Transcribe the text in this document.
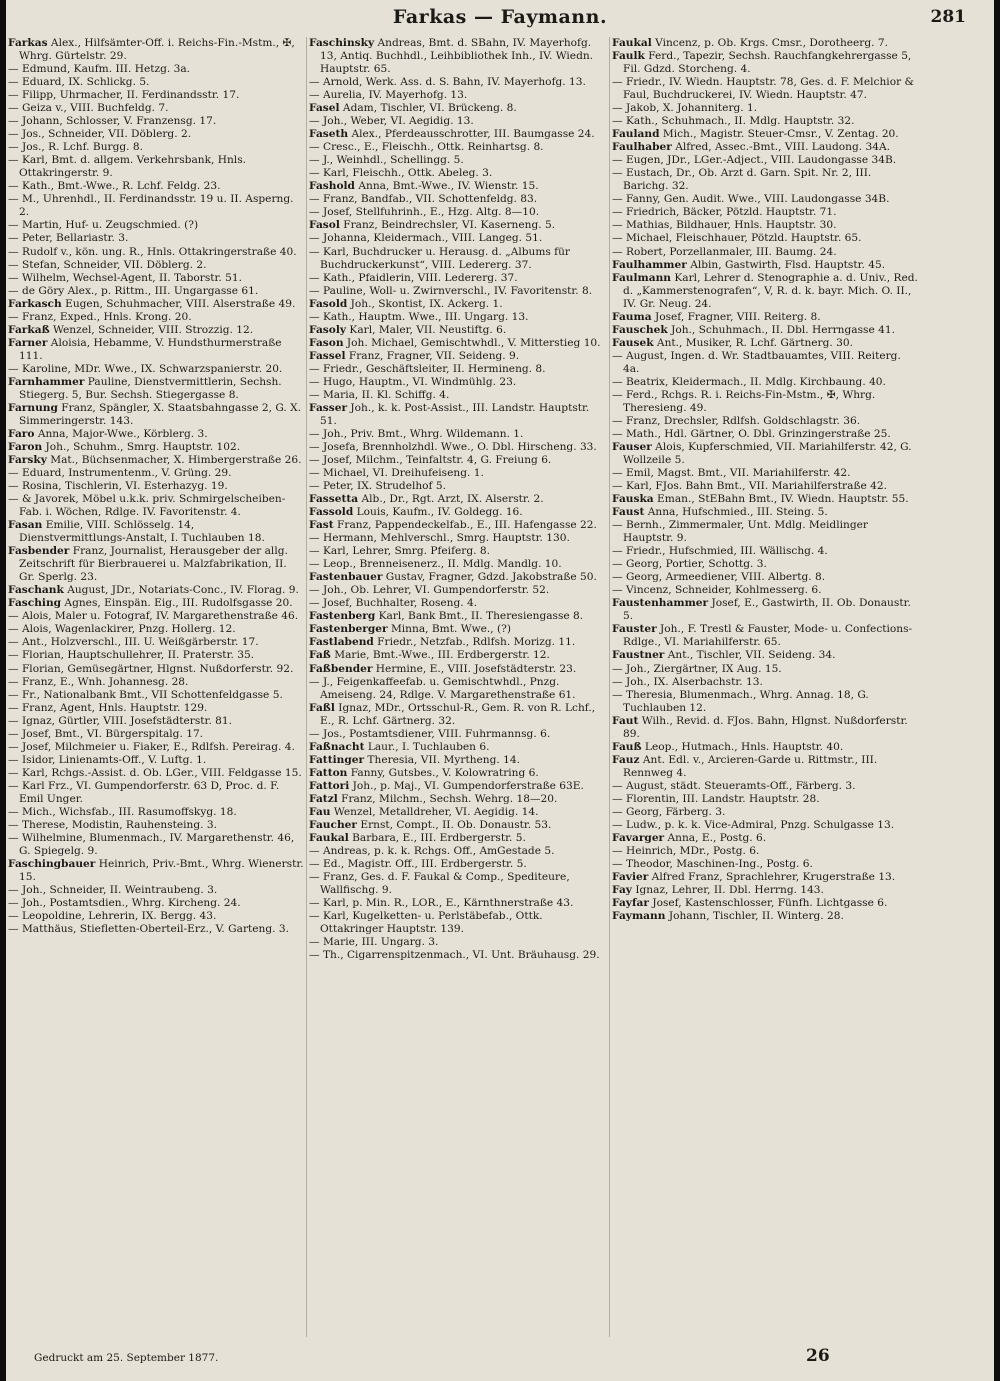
Farkas — Faymann.	281

Farkas Alex., Hilfsämter-Off. i. Reichs-Fin.-Mstm., ✠, Whrg. Gürtelstr. 29.

— Edmund, Kaufm. III. Hetzg. 3a.

— Eduard, IX. Schlickg. 5.

— Filipp, Uhrmacher, II. Ferdinandsstr. 17.

— Geiza v., VIII. Buchfeldg. 7.

— Johann, Schlosser, V. Franzensg. 17.

— Jos., Schneider, VII. Döblerg. 2.

— Jos., R. Lchf. Burgg. 8.

— Karl, Bmt. d. allgem. Verkehrsbank, Hnls. Ottakringerstr. 9.

— Kath., Bmt.-Wwe., R. Lchf. Feldg. 23.

— M., Uhrenhdl., II. Ferdinandsstr. 19 u. II. Asperng. 2.

— Martin, Huf- u. Zeugschmied. (?)

— Peter, Bellariastr. 3.

— Rudolf v., kön. ung. R., Hnls. Ottakringerstraße 40.

— Stefan, Schneider, VII. Döblerg. 2.

— Wilhelm, Wechsel-Agent, II. Taborstr. 51.

— de Göry Alex., p. Rittm., III. Ungargasse 61.

Farkasch Eugen, Schuhmacher, VIII. Alserstraße 49.

— Franz, Exped., Hnls. Krong. 20.

Farkaß Wenzel, Schneider, VIII. Strozzig. 12.

Farner Aloisia, Hebamme, V. Hundsthurmerstraße 111.

— Karoline, MDr. Wwe., IX. Schwarzspanierstr. 20.

Farnhammer Pauline, Dienstvermittlerin, Sechsh. Stiegerg. 5, Bur. Sechsh. Stiegergasse 8.

Farnung Franz, Spängler, X. Staatsbahngasse 2, G. X. Simmeringerstr. 143.

Faro Anna, Major-Wwe., Körblerg. 3.

Faron Joh., Schuhm., Smrg. Hauptstr. 102.

Farsky Mat., Büchsenmacher, X. Himbergerstraße 26.

— Eduard, Instrumentenm., V. Grüng. 29.

— Rosina, Tischlerin, VI. Esterhazyg. 19.

— & Javorek, Möbel u.k.k. priv. Schmirgelscheiben-Fab. i. Wöchen, Rdlge. IV. Favoritenstr. 4.

Fasan Emilie, VIII. Schlösselg. 14, Dienstvermittlungs-Anstalt, I. Tuchlauben 18.

Fasbender Franz, Journalist, Herausgeber der allg. Zeitschrift für Bierbrauerei u. Malzfabrikation, II. Gr. Sperlg. 23.

Faschank August, JDr., Notariats-Conc., IV. Florag. 9.

Fasching Agnes, Einspän. Eig., III. Rudolfsgasse 20.

— Alois, Maler u. Fotograf, IV. Margarethenstraße 46.

— Alois, Wagenlackirer, Pnzg. Hollerg. 12.

— Ant., Holzverschl., III. U. Weißgärberstr. 17.

— Florian, Hauptschullehrer, II. Praterstr. 35.

— Florian, Gemüsegärtner, Hlgnst. Nußdorferstr. 92.

— Franz, E., Wnh. Johannesg. 28.

— Fr., Nationalbank Bmt., VII Schottenfeldgasse 5.

— Franz, Agent, Hnls. Hauptstr. 129.

— Ignaz, Gürtler, VIII. Josefstädterstr. 81.

— Josef, Bmt., VI. Bürgerspitalg. 17.

— Josef, Milchmeier u. Fiaker, E., Rdlfsh. Pereirag. 4.

— Isidor, Linienamts-Off., V. Luftg. 1.

— Karl, Rchgs.-Assist. d. Ob. LGer., VIII. Feldgasse 15.

— Karl Frz., VI. Gumpendorferstr. 63 D, Proc. d. F. Emil Unger.

— Mich., Wichsfab., III. Rasumoffskyg. 18.

— Therese, Modistin, Rauhensteing. 3.

— Wilhelmine, Blumenmach., IV. Margarethenstr. 46, G. Spiegelg. 9.

Faschingbauer Heinrich, Priv.-Bmt., Whrg. Wienerstr. 15.

— Joh., Schneider, II. Weintraubeng. 3.

— Joh., Postamtsdien., Whrg. Kircheng. 24.

— Leopoldine, Lehrerin, IX. Bergg. 43.

— Matthäus, Stiefletten-Oberteil-Erz., V. Garteng. 3.

Faschinsky Andreas, Bmt. d. SBahn, IV. Mayerhofg. 13, Antiq. Buchhdl., Leihbibliothek Inh., IV. Wiedn. Hauptstr. 65.

— Arnold, Werk. Ass. d. S. Bahn, IV. Mayerhofg. 13.

— Aurelia, IV. Mayerhofg. 13.

Fasel Adam, Tischler, VI. Brückeng. 8.

— Joh., Weber, VI. Aegidig. 13.

Faseth Alex., Pferdeausschrotter, III. Baumgasse 24.

— Cresc., E., Fleischh., Ottk. Reinhartsg. 8.

— J., Weinhdl., Schellingg. 5.

— Karl, Fleischh., Ottk. Abeleg. 3.

Fashold Anna, Bmt.-Wwe., IV. Wienstr. 15.

— Franz, Bandfab., VII. Schottenfeldg. 83.

— Josef, Stellfuhrinh., E., Hzg. Altg. 8—10.

Fasol Franz, Beindrechsler, VI. Kaserneng. 5.

— Johanna, Kleidermach., VIII. Langeg. 51.

— Karl, Buchdrucker u. Herausg. d. „Albums für Buchdruckerkunst“, VIII. Ledererg. 37.

— Kath., Pfaidlerin, VIII. Ledererg. 37.

— Pauline, Woll- u. Zwirnverschl., IV. Favoritenstr. 8.

Fasold Joh., Skontist, IX. Ackerg. 1.

— Kath., Hauptm. Wwe., III. Ungarg. 13.

Fasoly Karl, Maler, VII. Neustiftg. 6.

Fason Joh. Michael, Gemischtwhdl., V. Mitterstieg 10.

Fassel Franz, Fragner, VII. Seideng. 9.

— Friedr., Geschäftsleiter, II. Hermineng. 8.

— Hugo, Hauptm., VI. Windmühlg. 23.

— Maria, II. Kl. Schiffg. 4.

Fasser Joh., k. k. Post-Assist., III. Landstr. Hauptstr. 51.

— Joh., Priv. Bmt., Whrg. Wildemann. 1.

— Josefa, Brennholzhdl. Wwe., O. Dbl. Hirscheng. 33.

— Josef, Milchm., Teinfaltstr. 4, G. Freiung 6.

— Michael, VI. Dreihufeiseng. 1.

— Peter, IX. Strudelhof 5.

Fassetta Alb., Dr., Rgt. Arzt, IX. Alserstr. 2.

Fassold Louis, Kaufm., IV. Goldegg. 16.

Fast Franz, Pappendeckelfab., E., III. Hafengasse 22.

— Hermann, Mehlverschl., Smrg. Hauptstr. 130.

— Karl, Lehrer, Smrg. Pfeiferg. 8.

— Leop., Brenneisenerz., II. Mdlg. Mandlg. 10.

Fastenbauer Gustav, Fragner, Gdzd. Jakobstraße 50.

— Joh., Ob. Lehrer, VI. Gumpendorferstr. 52.

— Josef, Buchhalter, Roseng. 4.

Fastenberg Karl, Bank Bmt., II. Theresiengasse 8.

Fastenberger Minna, Bmt. Wwe., (?)

Fastlabend Friedr., Netzfab., Rdlfsh. Morizg. 11.

Faß Marie, Bmt.-Wwe., III. Erdbergerstr. 12.

Faßbender Hermine, E., VIII. Josefstädterstr. 23.

— J., Feigenkaffeefab. u. Gemischtwhdl., Pnzg. Ameiseng. 24, Rdlge. V. Margarethenstraße 61.

Faßl Ignaz, MDr., Ortsschul-R., Gem. R. von R. Lchf., E., R. Lchf. Gärtnerg. 32.

— Jos., Postamtsdiener, VIII. Fuhrmannsg. 6.

Faßnacht Laur., I. Tuchlauben 6.

Fattinger Theresia, VII. Myrtheng. 14.

Fatton Fanny, Gutsbes., V. Kolowratring 6.

Fattori Joh., p. Maj., VI. Gumpendorferstraße 63E.

Fatzl Franz, Milchm., Sechsh. Wehrg. 18—20.

Fau Wenzel, Metalldreher, VI. Aegidig. 14.

Faucher Ernst, Compt., II. Ob. Donaustr. 53.

Faukal Barbara, E., III. Erdbergerstr. 5.

— Andreas, p. k. k. Rchgs. Off., AmGestade 5.

— Ed., Magistr. Off., III. Erdbergerstr. 5.

— Franz, Ges. d. F. Faukal & Comp., Spediteure, Wallfischg. 9.

— Karl, p. Min. R., LOR., E., Kärnthnerstraße 43.

— Karl, Kugelketten- u. Perlstäbefab., Ottk. Ottakringer Hauptstr. 139.

— Marie, III. Ungarg. 3.

— Th., Cigarrenspitzenmach., VI. Unt. Bräuhausg. 29.

Faukal Vincenz, p. Ob. Krgs. Cmsr., Dorotheerg. 7.

Faulk Ferd., Tapezir, Sechsh. Rauchfangkehrergasse 5, Fil. Gdzd. Storcheng. 4.

— Friedr., IV. Wiedn. Hauptstr. 78, Ges. d. F. Melchior & Faul, Buchdruckerei, IV. Wiedn. Hauptstr. 47.

— Jakob, X. Johanniterg. 1.

— Kath., Schuhmach., II. Mdlg. Hauptstr. 32.

Fauland Mich., Magistr. Steuer-Cmsr., V. Zentag. 20.

Faulhaber Alfred, Assec.-Bmt., VIII. Laudong. 34A.

— Eugen, JDr., LGer.-Adject., VIII. Laudongasse 34B.

— Eustach, Dr., Ob. Arzt d. Garn. Spit. Nr. 2, III. Barichg. 32.

— Fanny, Gen. Audit. Wwe., VIII. Laudongasse 34B.

— Friedrich, Bäcker, Pötzld. Hauptstr. 71.

— Mathias, Bildhauer, Hnls. Hauptstr. 30.

— Michael, Fleischhauer, Pötzld. Hauptstr. 65.

— Robert, Porzellanmaler, III. Baumg. 24.

Faulhammer Albin, Gastwirth, Flsd. Hauptstr. 45.

Faulmann Karl, Lehrer d. Stenographie a. d. Univ., Red. d. „Kammerstenografen“, V, R. d. k. bayr. Mich. O. II., IV. Gr. Neug. 24.

Fauma Josef, Fragner, VIII. Reiterg. 8.

Fauschek Joh., Schuhmach., II. Dbl. Herrngasse 41.

Fausek Ant., Musiker, R. Lchf. Gärtnerg. 30.

— August, Ingen. d. Wr. Stadtbauamtes, VIII. Reiterg. 4a.

— Beatrix, Kleidermach., II. Mdlg. Kirchbaung. 40.

— Ferd., Rchgs. R. i. Reichs-Fin-Mstm., ✠, Whrg. Theresieng. 49.

— Franz, Drechsler, Rdlfsh. Goldschlagstr. 36.

— Math., Hdl. Gärtner, O. Dbl. Grinzingerstraße 25.

Fauser Alois, Kupferschmied, VII. Mariahilferstr. 42, G. Wollzeile 5.

— Emil, Magst. Bmt., VII. Mariahilferstr. 42.

— Karl, FJos. Bahn Bmt., VII. Mariahilferstraße 42.

Fauska Eman., StEBahn Bmt., IV. Wiedn. Hauptstr. 55.

Faust Anna, Hufschmied., III. Steing. 5.

— Bernh., Zimmermaler, Unt. Mdlg. Meidlinger Hauptstr. 9.

— Friedr., Hufschmied, III. Wällischg. 4.

— Georg, Portier, Schottg. 3.

— Georg, Armeediener, VIII. Albertg. 8.

— Vincenz, Schneider, Kohlmesserg. 6.

Faustenhammer Josef, E., Gastwirth, II. Ob. Donaustr. 5.

Fauster Joh., F. Trestl & Fauster, Mode- u. Confections-Rdlge., VI. Mariahilferstr. 65.

Faustner Ant., Tischler, VII. Seideng. 34.

— Joh., Ziergärtner, IX Aug. 15.

— Joh., IX. Alserbachstr. 13.

— Theresia, Blumenmach., Whrg. Annag. 18, G. Tuchlauben 12.

Faut Wilh., Revid. d. FJos. Bahn, Hlgnst. Nußdorferstr. 89.

Fauß Leop., Hutmach., Hnls. Hauptstr. 40.

Fauz Ant. Edl. v., Arcieren-Garde u. Rittmstr., III. Rennweg 4.

— August, städt. Steueramts-Off., Färberg. 3.

— Florentin, III. Landstr. Hauptstr. 28.

— Georg, Färberg. 3.

— Ludw., p. k. k. Vice-Admiral, Pnzg. Schulgasse 13.

Favarger Anna, E., Postg. 6.

— Heinrich, MDr., Postg. 6.

— Theodor, Maschinen-Ing., Postg. 6.

Favier Alfred Franz, Sprachlehrer, Krugerstraße 13.

Fay Ignaz, Lehrer, II. Dbl. Herrng. 143.

Fayfar Josef, Kastenschlosser, Fünfh. Lichtgasse 6.

Faymann Johann, Tischler, II. Winterg. 28.

Gedruckt am 25. September 1877.	26
